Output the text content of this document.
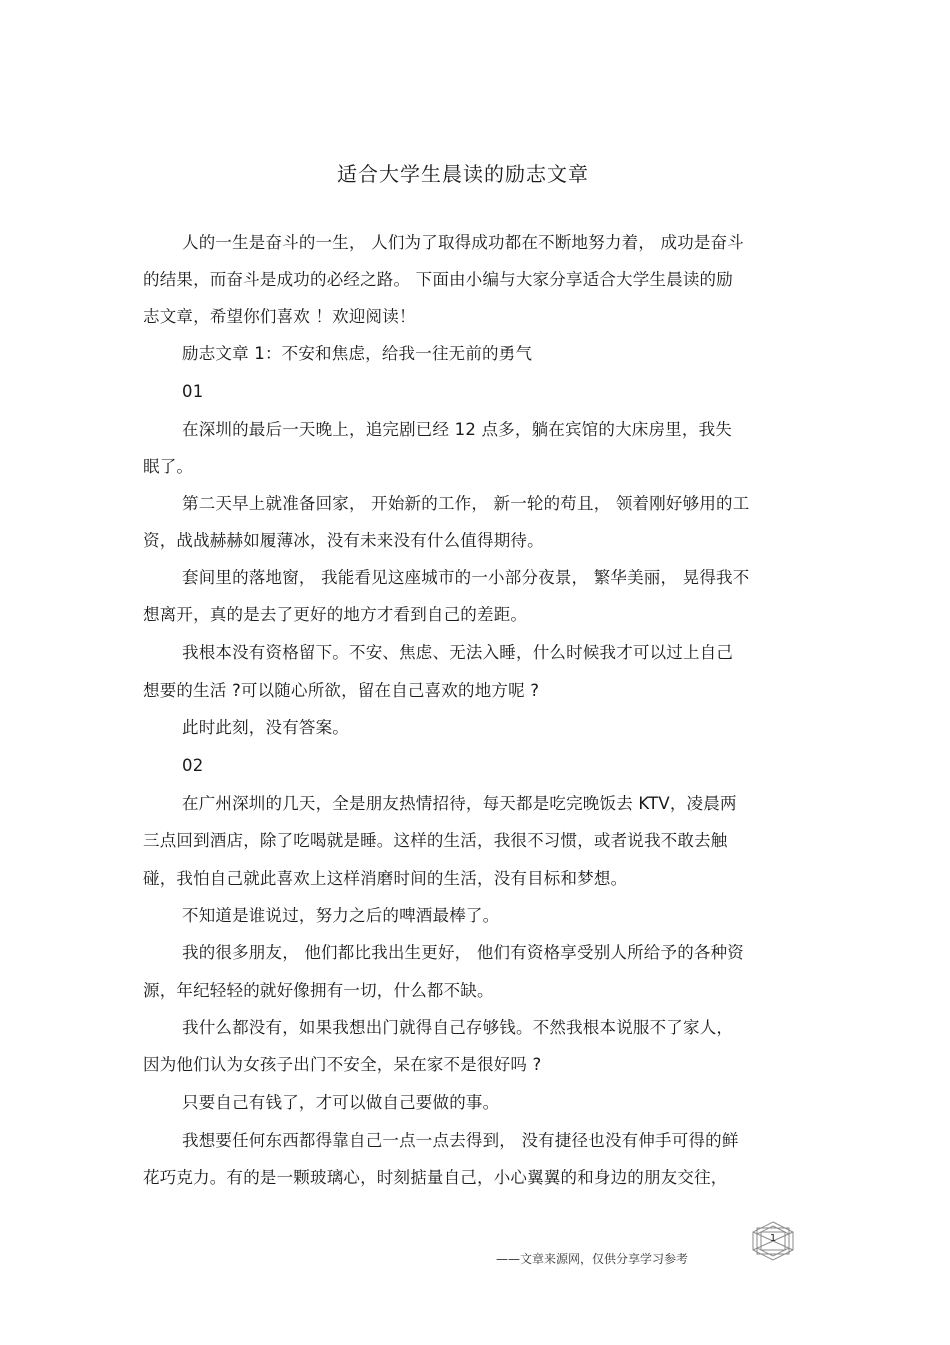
适合大学生晨读的励志文章
人的一生是奋斗的一生， 人们为了取得成功都在不断地努力着， 成功是奋斗
的结果，而奋斗是成功的必经之路。 下面由小编与大家分享适合大学生晨读的励
志文章，希望你们喜欢 ！欢迎阅读！
励志文章 1：不安和焦虑，给我一往无前的勇气
01
在深圳的最后一天晚上，追完剧已经 12 点多，躺在宾馆的大床房里，我失
眠了。
第二天早上就准备回家， 开始新的工作， 新一轮的苟且， 领着刚好够用的工
资，战战赫赫如履薄冰，没有未来没有什么值得期待。
套间里的落地窗， 我能看见这座城市的一小部分夜景， 繁华美丽， 晃得我不
想离开，真的是去了更好的地方才看到自己的差距。
我根本没有资格留下。不安、焦虑、无法入睡，什么时候我才可以过上自己
想要的生活 ?可以随心所欲，留在自己喜欢的地方呢 ?
此时此刻，没有答案。
02
在广州深圳的几天，全是朋友热情招待，每天都是吃完晚饭去 KTV，凌晨两
三点回到酒店，除了吃喝就是睡。这样的生活，我很不习惯，或者说我不敢去触
碰，我怕自己就此喜欢上这样消磨时间的生活，没有目标和梦想。
不知道是谁说过，努力之后的啤酒最棒了。
我的很多朋友， 他们都比我出生更好， 他们有资格享受别人所给予的各种资
源，年纪轻轻的就好像拥有一切，什么都不缺。
我什么都没有，如果我想出门就得自己存够钱。不然我根本说服不了家人，
因为他们认为女孩子出门不安全，呆在家不是很好吗 ?
只要自己有钱了，才可以做自己要做的事。
我想要任何东西都得靠自己一点一点去得到， 没有捷径也没有伸手可得的鲜
花巧克力。有的是一颗玻璃心，时刻掂量自己，小心翼翼的和身边的朋友交往，
——文章来源网，仅供分享学习参考
1
